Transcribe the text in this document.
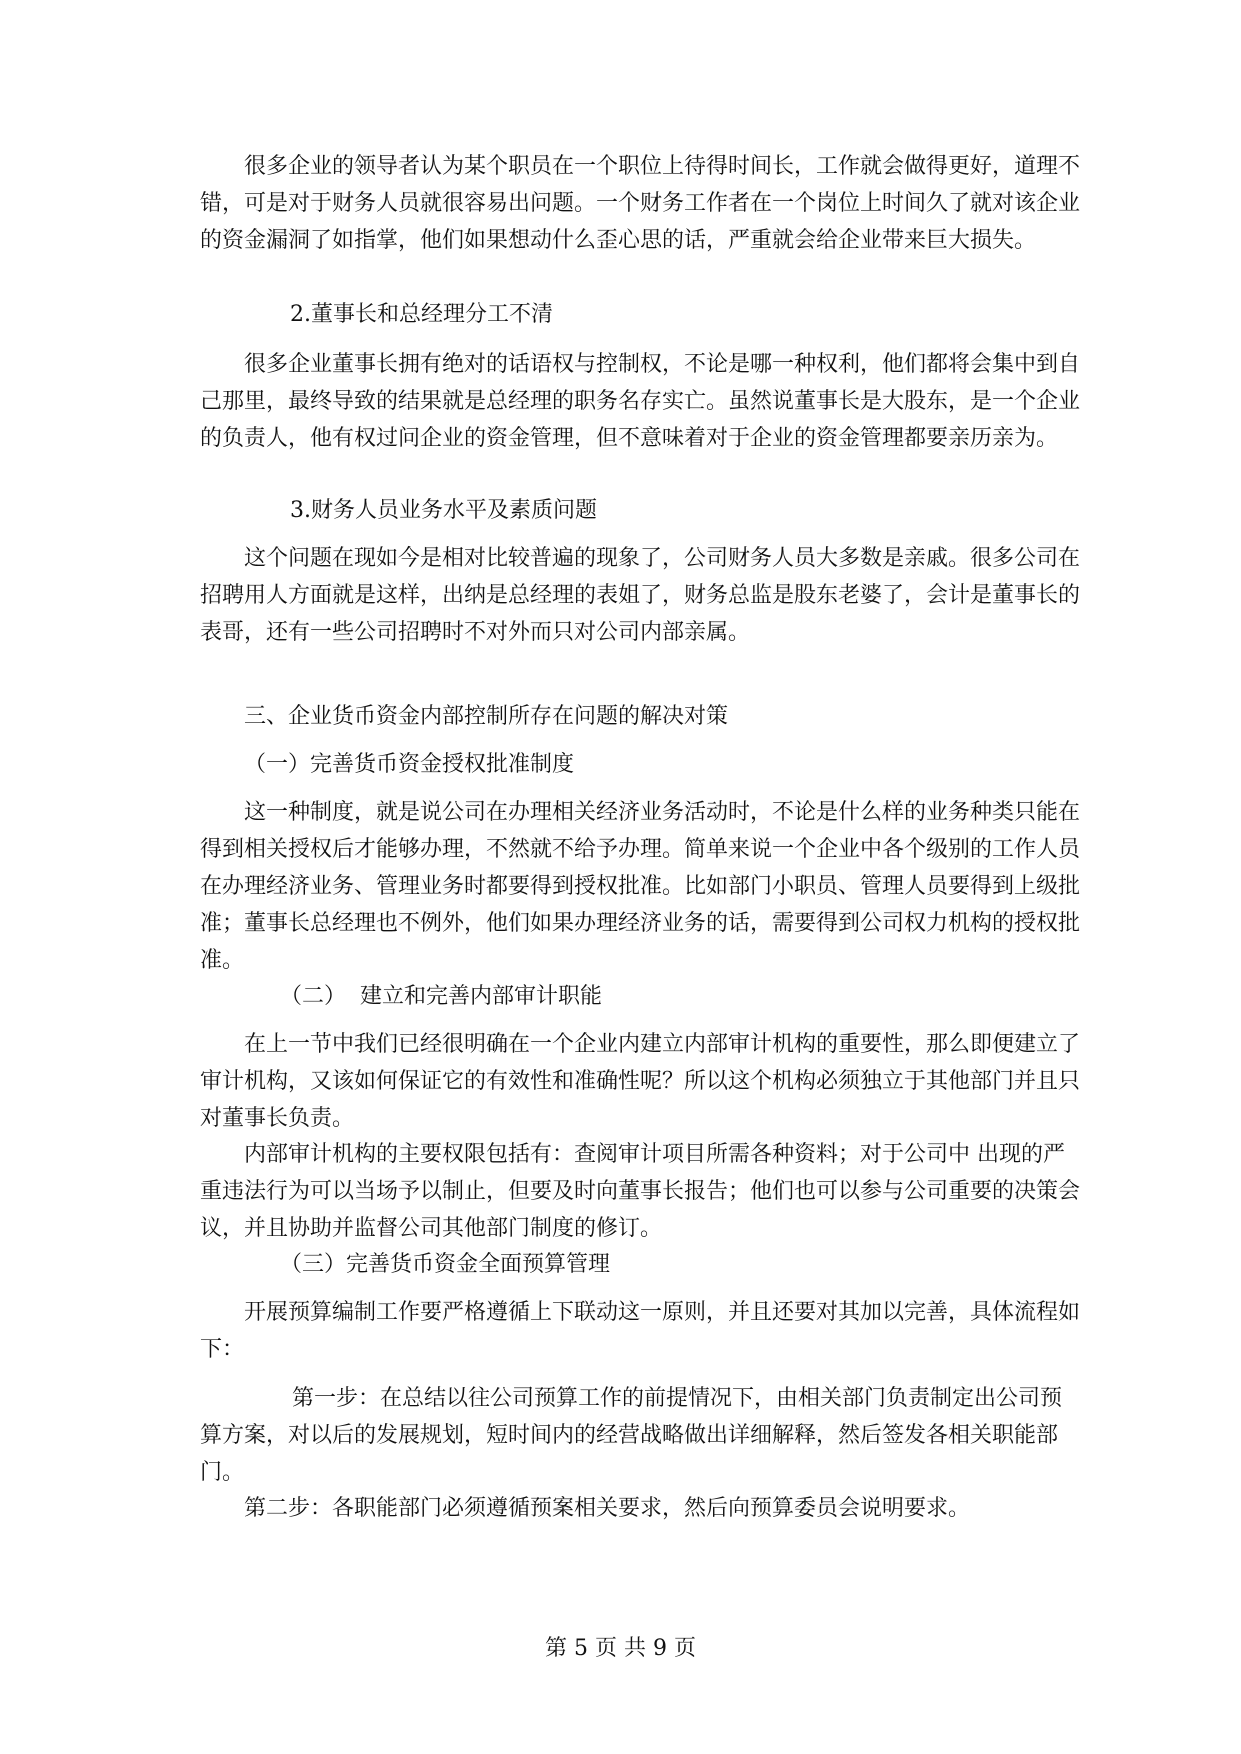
很多企业的领导者认为某个职员在一个职位上待得时间长，工作就会做得更好，道理不错，可是对于财务人员就很容易出问题。一个财务工作者在一个岗位上时间久了就对该企业的资金漏洞了如指掌，他们如果想动什么歪心思的话，严重就会给企业带来巨大损失。

2.董事长和总经理分工不清

很多企业董事长拥有绝对的话语权与控制权，不论是哪一种权利，他们都将会集中到自己那里，最终导致的结果就是总经理的职务名存实亡。虽然说董事长是大股东，是一个企业的负责人，他有权过问企业的资金管理，但不意味着对于企业的资金管理都要亲历亲为。

3.财务人员业务水平及素质问题

这个问题在现如今是相对比较普遍的现象了，公司财务人员大多数是亲戚。很多公司在招聘用人方面就是这样，出纳是总经理的表姐了，财务总监是股东老婆了，会计是董事长的表哥，还有一些公司招聘时不对外而只对公司内部亲属。

三、企业货币资金内部控制所存在问题的解决对策

（一）完善货币资金授权批准制度

这一种制度，就是说公司在办理相关经济业务活动时，不论是什么样的业务种类只能在得到相关授权后才能够办理，不然就不给予办理。简单来说一个企业中各个级别的工作人员在办理经济业务、管理业务时都要得到授权批准。比如部门小职员、管理人员要得到上级批准；董事长总经理也不例外，他们如果办理经济业务的话，需要得到公司权力机构的授权批准。

（二）  建立和完善内部审计职能

在上一节中我们已经很明确在一个企业内建立内部审计机构的重要性，那么即便建立了审计机构，又该如何保证它的有效性和准确性呢？所以这个机构必须独立于其他部门并且只对董事长负责。

内部审计机构的主要权限包括有：查阅审计项目所需各种资料；对于公司中 出现的严重违法行为可以当场予以制止，但要及时向董事长报告；他们也可以参与公司重要的决策会议，并且协助并监督公司其他部门制度的修订。

（三）完善货币资金全面预算管理

开展预算编制工作要严格遵循上下联动这一原则，并且还要对其加以完善，具体流程如下：

第一步：在总结以往公司预算工作的前提情况下，由相关部门负责制定出公司预算方案，对以后的发展规划，短时间内的经营战略做出详细解释，然后签发各相关职能部门。

第二步：各职能部门必须遵循预案相关要求，然后向预算委员会说明要求。

第 5 页 共 9 页
